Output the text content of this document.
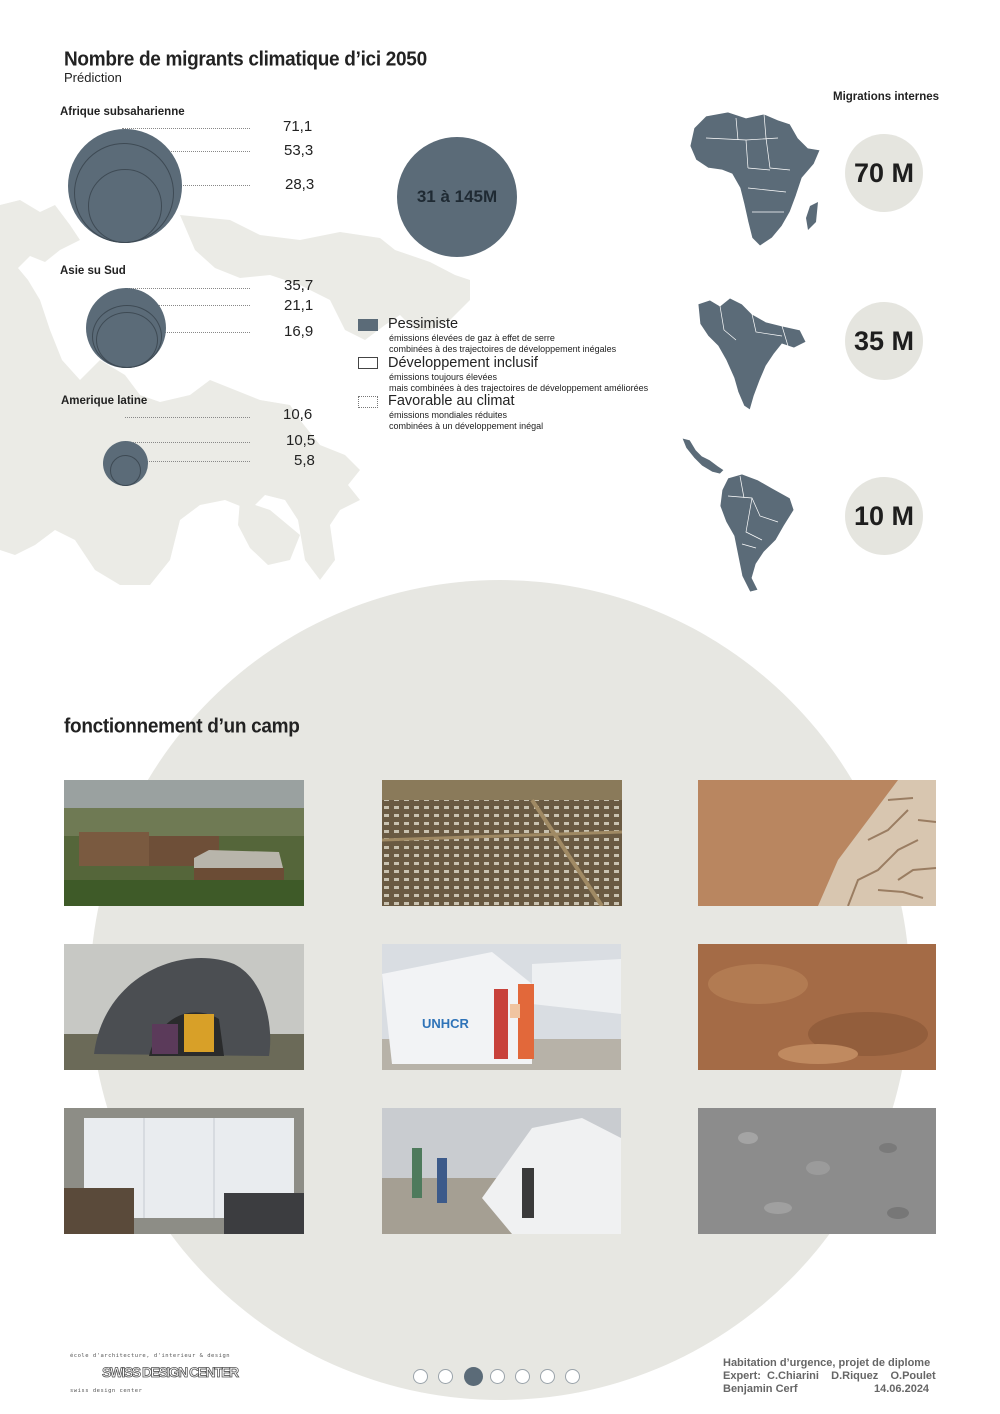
Nombre de migrants climatique d’ici 2050
Prédiction
Afrique subsaharienne
71,1
53,3
28,3
Asie su Sud
35,7
21,1
16,9
Amerique latine
10,6
10,5
5,8
31 à 145M
Pessimiste
émissions élevées de gaz à effet de serre
combinées à des trajectoires de développement inégales
Développement inclusif
émissions toujours élevées
mais combinées à des trajectoires de développement améliorées
Favorable au climat
émissions mondiales réduites
combinées à un développement inégal
Migrations internes
70 M
35 M
10 M
fonctionnement d’un camp
UNHCR
école d'architecture, d'interieur & design
SWISS DESIGN CENTER
swiss design center
Habitation d’urgence, projet de diplome
Expert:  C.Chiarini    D.Riquez    O.Poulet
Benjamin Cerf	14.06.2024
